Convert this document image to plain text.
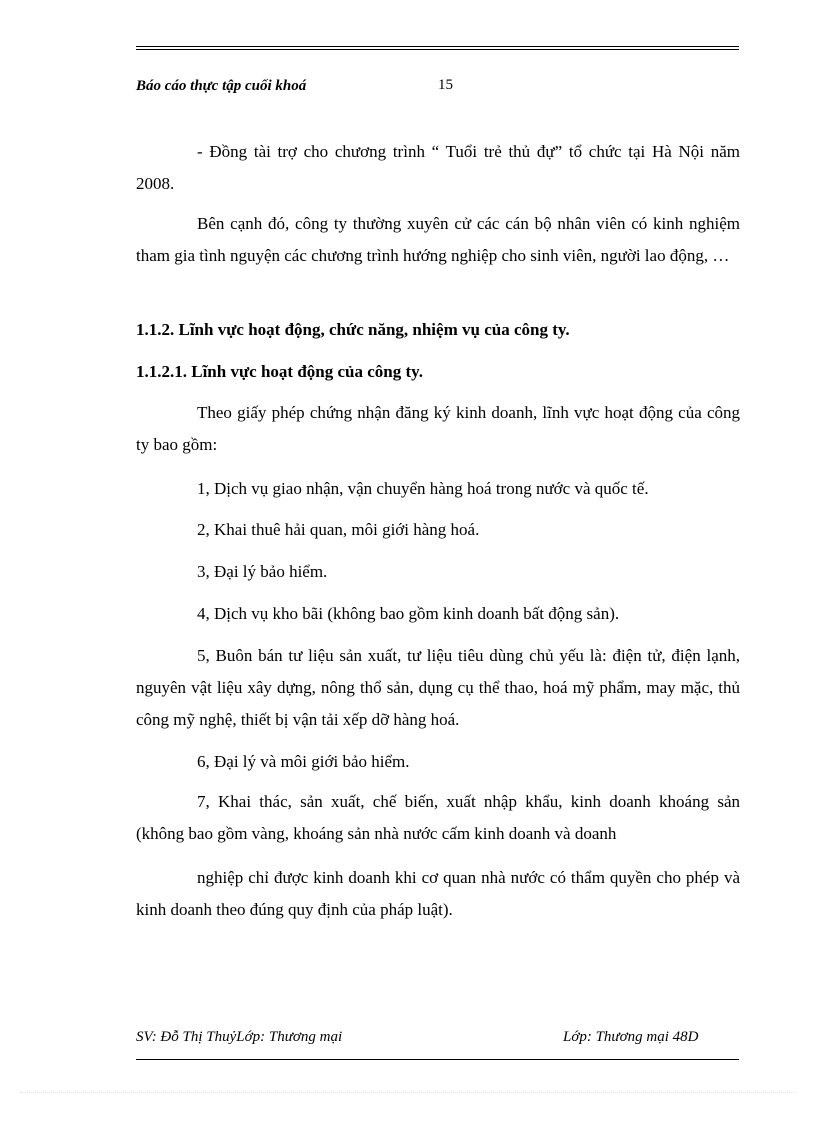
Báo cáo thực tập cuối khoá	15
- Đồng tài trợ cho chương trình “ Tuổi trẻ thủ đự” tổ chức tại Hà Nội năm 2008.
Bên cạnh đó, công ty thường xuyên cử các cán bộ nhân viên có kinh nghiệm tham gia tình nguyện các chương trình hướng nghiệp cho sinh viên, người lao động, …
1.1.2. Lĩnh vực hoạt động, chức năng, nhiệm vụ của công ty.
1.1.2.1. Lĩnh vực hoạt động của công ty.
Theo giấy phép chứng nhận đăng ký kinh doanh, lĩnh vực hoạt động của công ty bao gồm:
1, Dịch vụ giao nhận, vận chuyển hàng hoá trong nước và quốc tế.
2, Khai thuê hải quan, môi giới hàng hoá.
3, Đại lý bảo hiểm.
4, Dịch vụ kho bãi (không bao gồm kinh doanh bất động sản).
5, Buôn bán tư liệu sản xuất, tư liệu tiêu dùng chủ yếu là: điện tử, điện lạnh, nguyên vật liệu xây dựng, nông thổ sản, dụng cụ thể thao, hoá mỹ phẩm, may mặc, thủ công mỹ nghệ, thiết bị vận tải xếp dỡ hàng hoá.
6, Đại lý và môi giới bảo hiểm.
7, Khai thác, sản xuất, chế biến, xuất nhập khẩu, kinh doanh khoáng sản (không bao gồm vàng, khoáng sản nhà nước cấm kinh doanh và doanh
nghiệp chỉ được kinh doanh khi cơ quan nhà nước có thẩm quyền cho phép và kinh doanh theo đúng quy định của pháp luật).
SV: Đỗ Thị ThuỷLớp: Thương mại	Lớp: Thương mại 48D
